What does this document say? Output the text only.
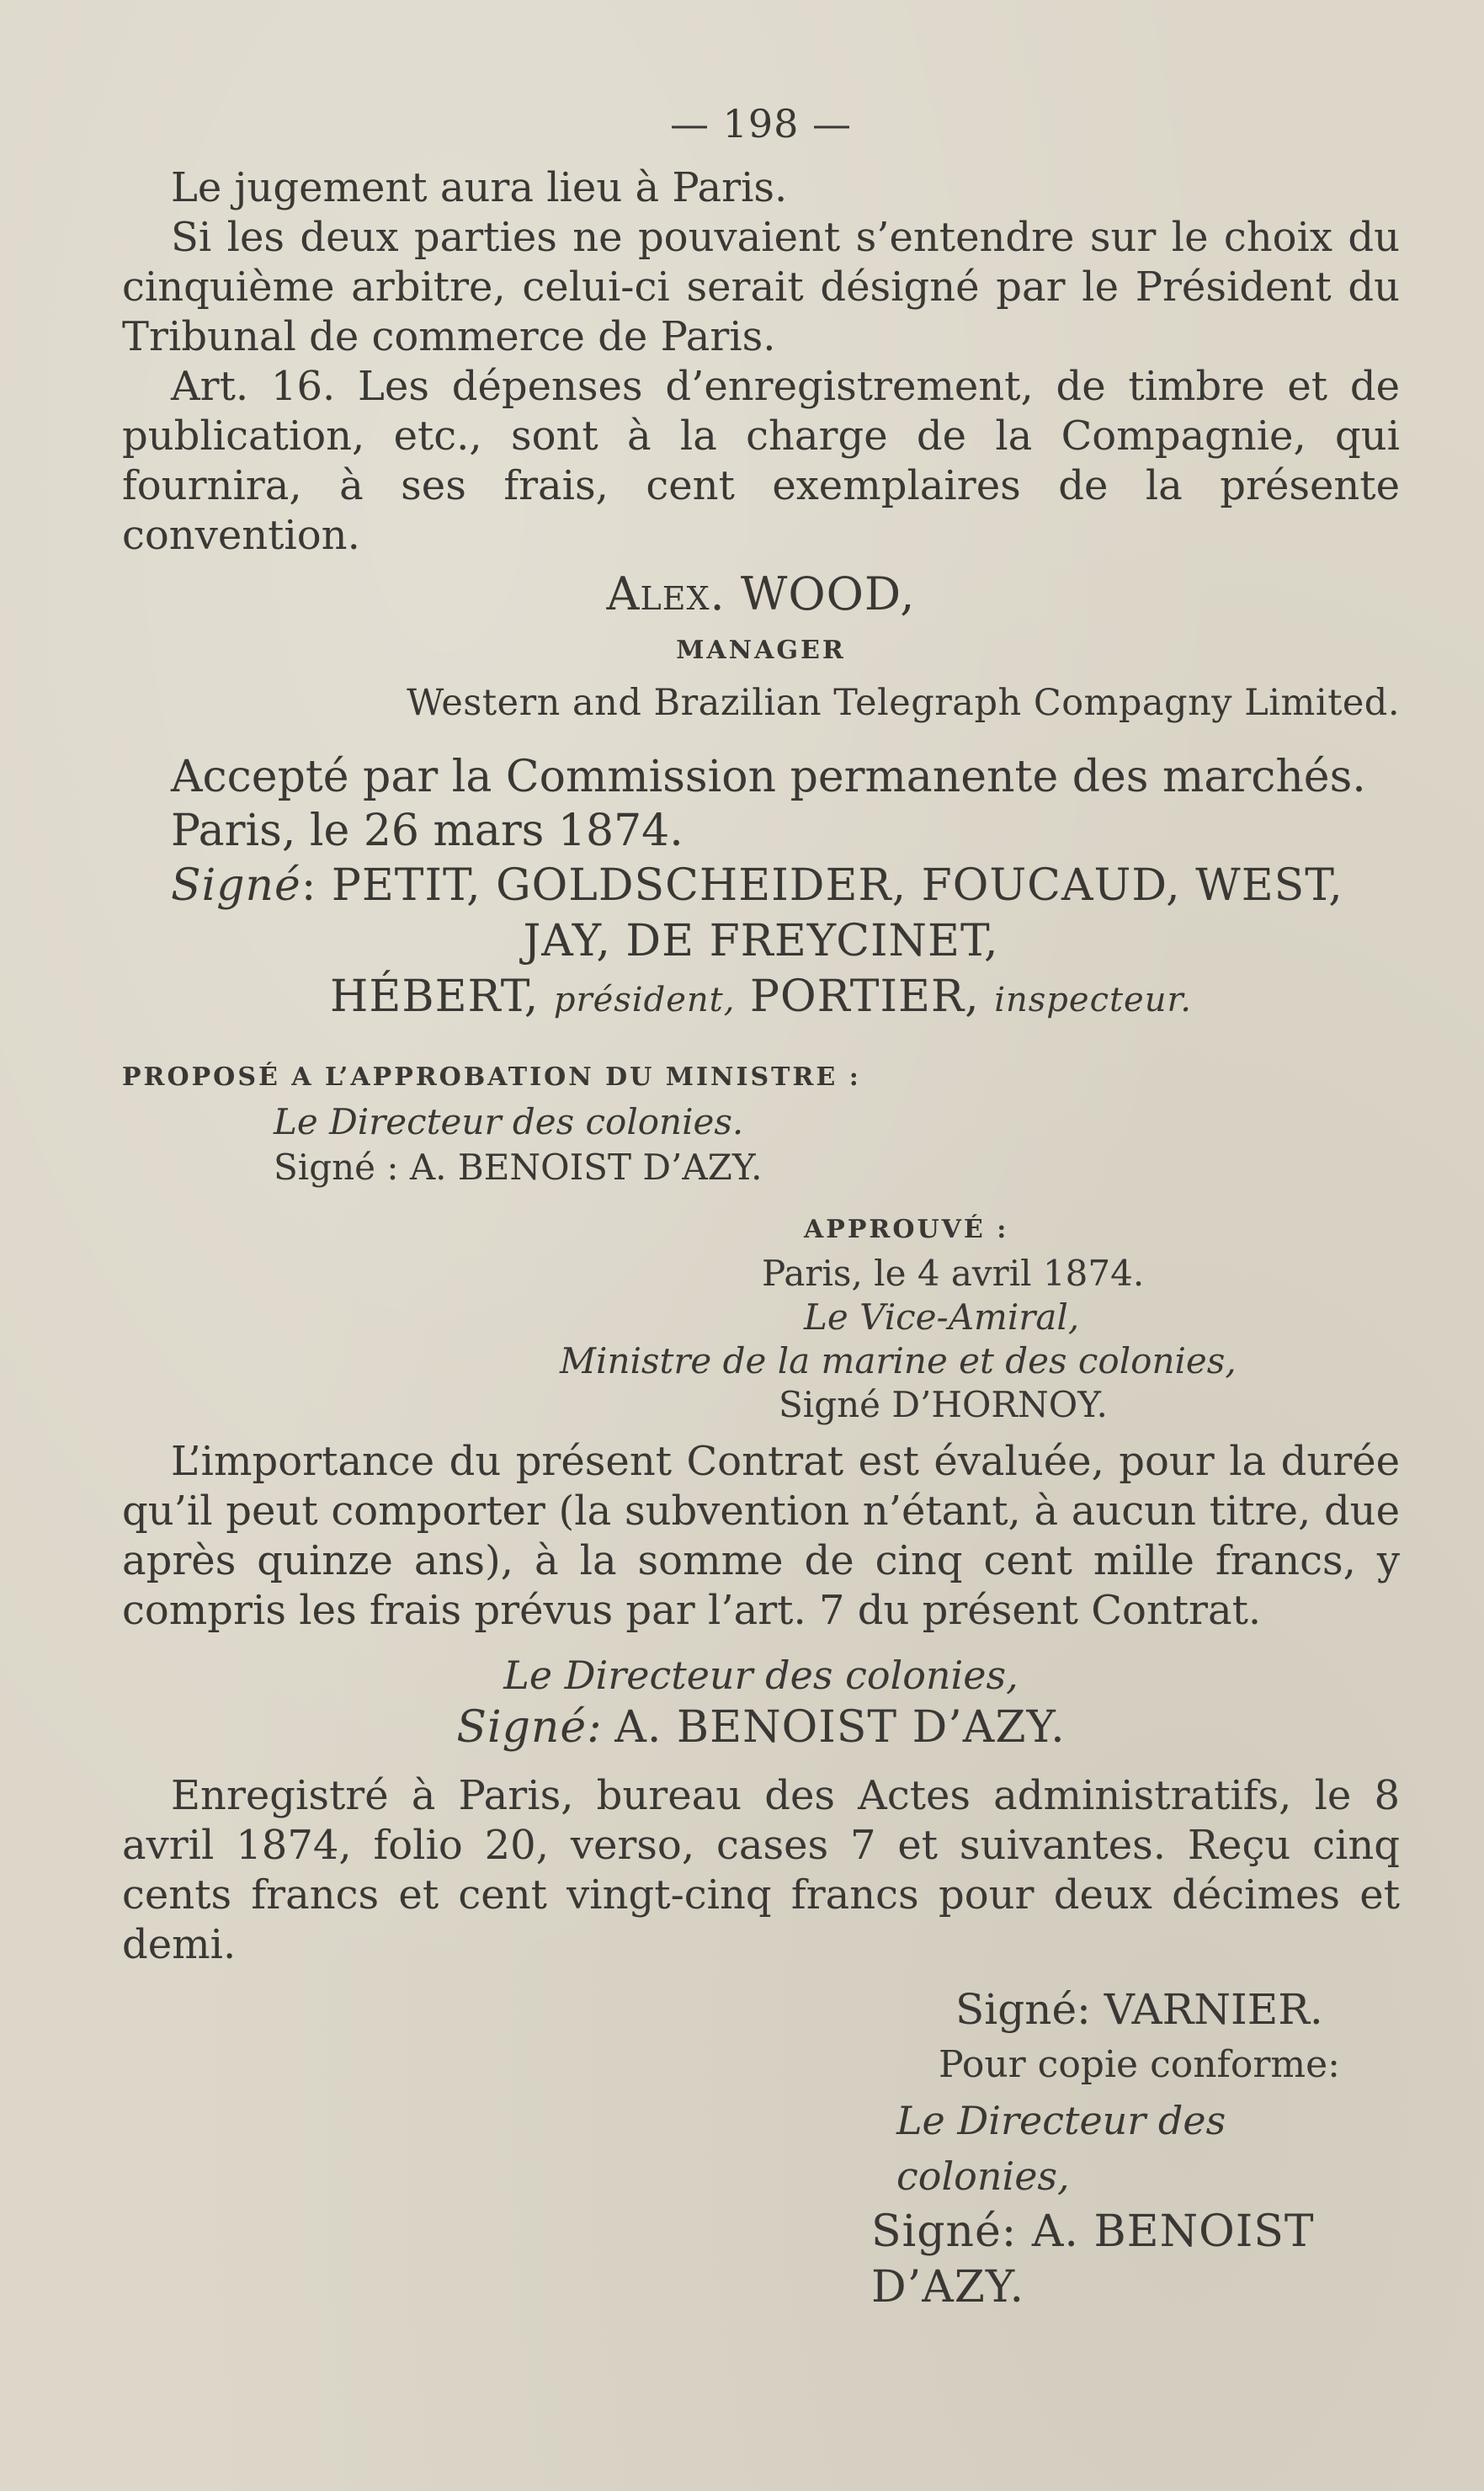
— 198 —

Le jugement aura lieu à Paris.

Si les deux parties ne pouvaient s’entendre sur le choix du cinquième arbitre, celui-ci serait désigné par le Président du Tribunal de commerce de Paris.

Art. 16. Les dépenses d’enregistrement, de timbre et de publication, etc., sont à la charge de la Compagnie, qui fournira, à ses frais, cent exemplaires de la présente convention.

Alex. WOOD,
MANAGER
Western and Brazilian Telegraph Compagny Limited.

Accepté par la Commission permanente des marchés.

Paris, le 26 mars 1874.

Signé: PETIT, GOLDSCHEIDER, FOUCAUD, WEST,

JAY, DE FREYCINET,
HÉBERT, président, PORTIER, inspecteur.
PROPOSÉ A L’APPROBATION DU MINISTRE :
Le Directeur des colonies.
Signé : A. BENOIST D’AZY.
APPROUVÉ :
Paris, le 4 avril 1874.
Le Vice-Amiral,
Ministre de la marine et des colonies,
Signé D’HORNOY.

L’importance du présent Contrat est évaluée, pour la durée qu’il peut comporter (la subvention n’étant, à aucun titre, due après quinze ans), à la somme de cinq cent mille francs, y compris les frais prévus par l’art. 7 du présent Contrat.

Le Directeur des colonies,
Signé: A. BENOIST D’AZY.

Enregistré à Paris, bureau des Actes administratifs, le 8 avril 1874, folio 20, verso, cases 7 et suivantes. Reçu cinq cents francs et cent vingt-cinq francs pour deux décimes et demi.

Signé: VARNIER.
Pour copie conforme:
Le Directeur des colonies,
Signé: A. BENOIST D’AZY.
